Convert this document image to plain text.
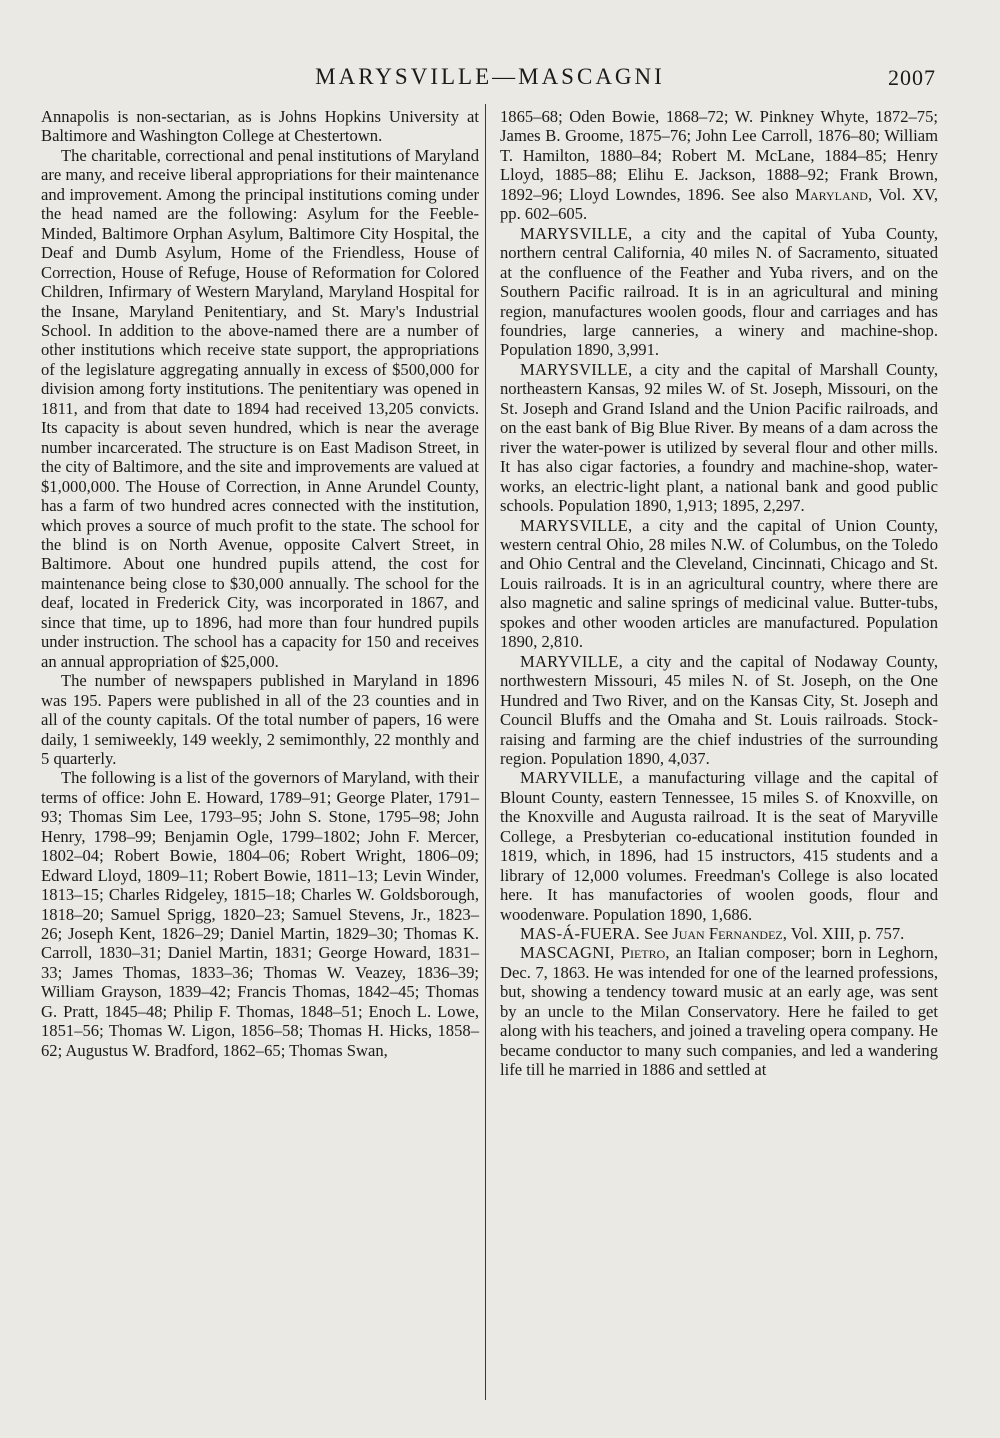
MARYSVILLE—MASCAGNI	2007

Annapolis is non-sectarian, as is Johns Hopkins University at Baltimore and Washington College at Chestertown.

The charitable, correctional and penal institutions of Maryland are many, and receive liberal appropriations for their maintenance and improvement. Among the principal institutions coming under the head named are the following: Asylum for the Feeble-Minded, Baltimore Orphan Asylum, Baltimore City Hospital, the Deaf and Dumb Asylum, Home of the Friendless, House of Correction, House of Refuge, House of Reformation for Colored Children, Infirmary of Western Maryland, Maryland Hospital for the Insane, Maryland Penitentiary, and St. Mary's Industrial School. In addition to the above-named there are a number of other institutions which receive state support, the appropriations of the legislature aggregating annually in excess of $500,000 for division among forty institutions. The penitentiary was opened in 1811, and from that date to 1894 had received 13,205 convicts. Its capacity is about seven hundred, which is near the average number incarcerated. The structure is on East Madison Street, in the city of Baltimore, and the site and improvements are valued at $1,000,000. The House of Correction, in Anne Arundel County, has a farm of two hundred acres connected with the institution, which proves a source of much profit to the state. The school for the blind is on North Avenue, opposite Calvert Street, in Baltimore. About one hundred pupils attend, the cost for maintenance being close to $30,000 annually. The school for the deaf, located in Frederick City, was incorporated in 1867, and since that time, up to 1896, had more than four hundred pupils under instruction. The school has a capacity for 150 and receives an annual appropriation of $25,000.

The number of newspapers published in Maryland in 1896 was 195. Papers were published in all of the 23 counties and in all of the county capitals. Of the total number of papers, 16 were daily, 1 semiweekly, 149 weekly, 2 semimonthly, 22 monthly and 5 quarterly.

The following is a list of the governors of Maryland, with their terms of office: John E. Howard, 1789–91; George Plater, 1791–93; Thomas Sim Lee, 1793–95; John S. Stone, 1795–98; John Henry, 1798–99; Benjamin Ogle, 1799–1802; John F. Mercer, 1802–04; Robert Bowie, 1804–06; Robert Wright, 1806–09; Edward Lloyd, 1809–11; Robert Bowie, 1811–13; Levin Winder, 1813–15; Charles Ridgeley, 1815–18; Charles W. Goldsborough, 1818–20; Samuel Sprigg, 1820–23; Samuel Stevens, Jr., 1823–26; Joseph Kent, 1826–29; Daniel Martin, 1829–30; Thomas K. Carroll, 1830–31; Daniel Martin, 1831; George Howard, 1831–33; James Thomas, 1833–36; Thomas W. Veazey, 1836–39; William Grayson, 1839–42; Francis Thomas, 1842–45; Thomas G. Pratt, 1845–48; Philip F. Thomas, 1848–51; Enoch L. Lowe, 1851–56; Thomas W. Ligon, 1856–58; Thomas H. Hicks, 1858–62; Augustus W. Bradford, 1862–65; Thomas Swan,

1865–68; Oden Bowie, 1868–72; W. Pinkney Whyte, 1872–75; James B. Groome, 1875–76; John Lee Carroll, 1876–80; William T. Hamilton, 1880–84; Robert M. McLane, 1884–85; Henry Lloyd, 1885–88; Elihu E. Jackson, 1888–92; Frank Brown, 1892–96; Lloyd Lowndes, 1896. See also Maryland, Vol. XV, pp. 602–605.

MARYSVILLE, a city and the capital of Yuba County, northern central California, 40 miles N. of Sacramento, situated at the confluence of the Feather and Yuba rivers, and on the Southern Pacific railroad. It is in an agricultural and mining region, manufactures woolen goods, flour and carriages and has foundries, large canneries, a winery and machine-shop. Population 1890, 3,991.

MARYSVILLE, a city and the capital of Marshall County, northeastern Kansas, 92 miles W. of St. Joseph, Missouri, on the St. Joseph and Grand Island and the Union Pacific railroads, and on the east bank of Big Blue River. By means of a dam across the river the water-power is utilized by several flour and other mills. It has also cigar factories, a foundry and machine-shop, water-works, an electric-light plant, a national bank and good public schools. Population 1890, 1,913; 1895, 2,297.

MARYSVILLE, a city and the capital of Union County, western central Ohio, 28 miles N.W. of Columbus, on the Toledo and Ohio Central and the Cleveland, Cincinnati, Chicago and St. Louis railroads. It is in an agricultural country, where there are also magnetic and saline springs of medicinal value. Butter-tubs, spokes and other wooden articles are manufactured. Population 1890, 2,810.

MARYVILLE, a city and the capital of Nodaway County, northwestern Missouri, 45 miles N. of St. Joseph, on the One Hundred and Two River, and on the Kansas City, St. Joseph and Council Bluffs and the Omaha and St. Louis railroads. Stock-raising and farming are the chief industries of the surrounding region. Population 1890, 4,037.

MARYVILLE, a manufacturing village and the capital of Blount County, eastern Tennessee, 15 miles S. of Knoxville, on the Knoxville and Augusta railroad. It is the seat of Maryville College, a Presbyterian co-educational institution founded in 1819, which, in 1896, had 15 instructors, 415 students and a library of 12,000 volumes. Freedman's College is also located here. It has manufactories of woolen goods, flour and woodenware. Population 1890, 1,686.

MAS-Á-FUERA. See Juan Fernandez, Vol. XIII, p. 757.

MASCAGNI, Pietro, an Italian composer; born in Leghorn, Dec. 7, 1863. He was intended for one of the learned professions, but, showing a tendency toward music at an early age, was sent by an uncle to the Milan Conservatory. Here he failed to get along with his teachers, and joined a traveling opera company. He became conductor to many such companies, and led a wandering life till he married in 1886 and settled at
